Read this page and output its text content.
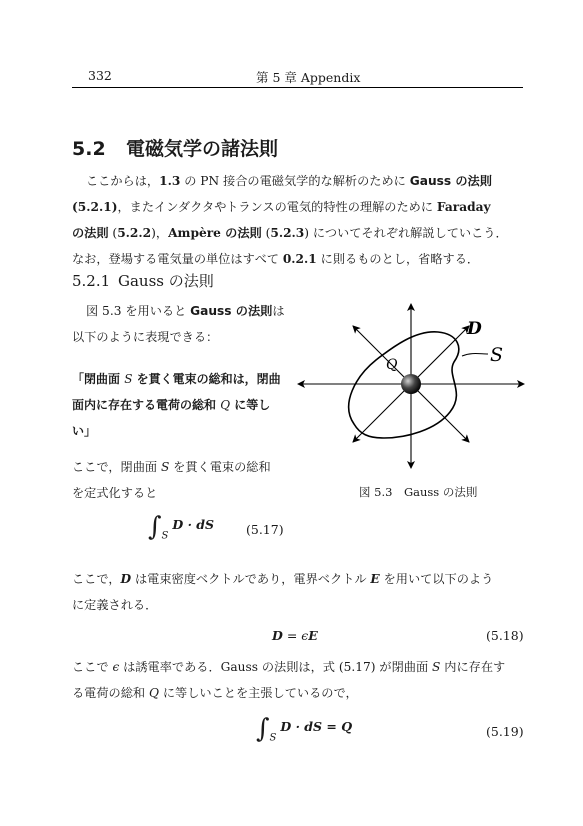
332	第 5 章 Appendix
5.2 電磁気学の諸法則
ここからは，1.3 の PN 接合の電磁気学的な解析のために Gauss の法則
(5.2.1)，またインダクタやトランスの電気的特性の理解のために Faraday
の法則 (5.2.2)，Ampère の法則 (5.2.3) についてそれぞれ解説していこう．
なお，登場する電気量の単位はすべて 0.2.1 に則るものとし，省略する．
5.2.1 Gauss の法則
図 5.3 を用いると Gauss の法則は
以下のように表現できる：
「閉曲面 S を貫く電束の総和は，閉曲
面内に存在する電荷の総和 Q に等し
い」
ここで，閉曲面 S を貫く電束の総和
を定式化すると
D
S
Q
図 5.3　Gauss の法則
$\int_S$ D · dS	(5.17)
ここで，D は電束密度ベクトルであり，電界ベクトル E を用いて以下のよう
に定義される．
D = ϵE	(5.18)
ここで ϵ は誘電率である．Gauss の法則は，式 (5.17) が閉曲面 S 内に存在す
る電荷の総和 Q に等しいことを主張しているので，
$\int_S$ D · dS = Q	(5.19)
